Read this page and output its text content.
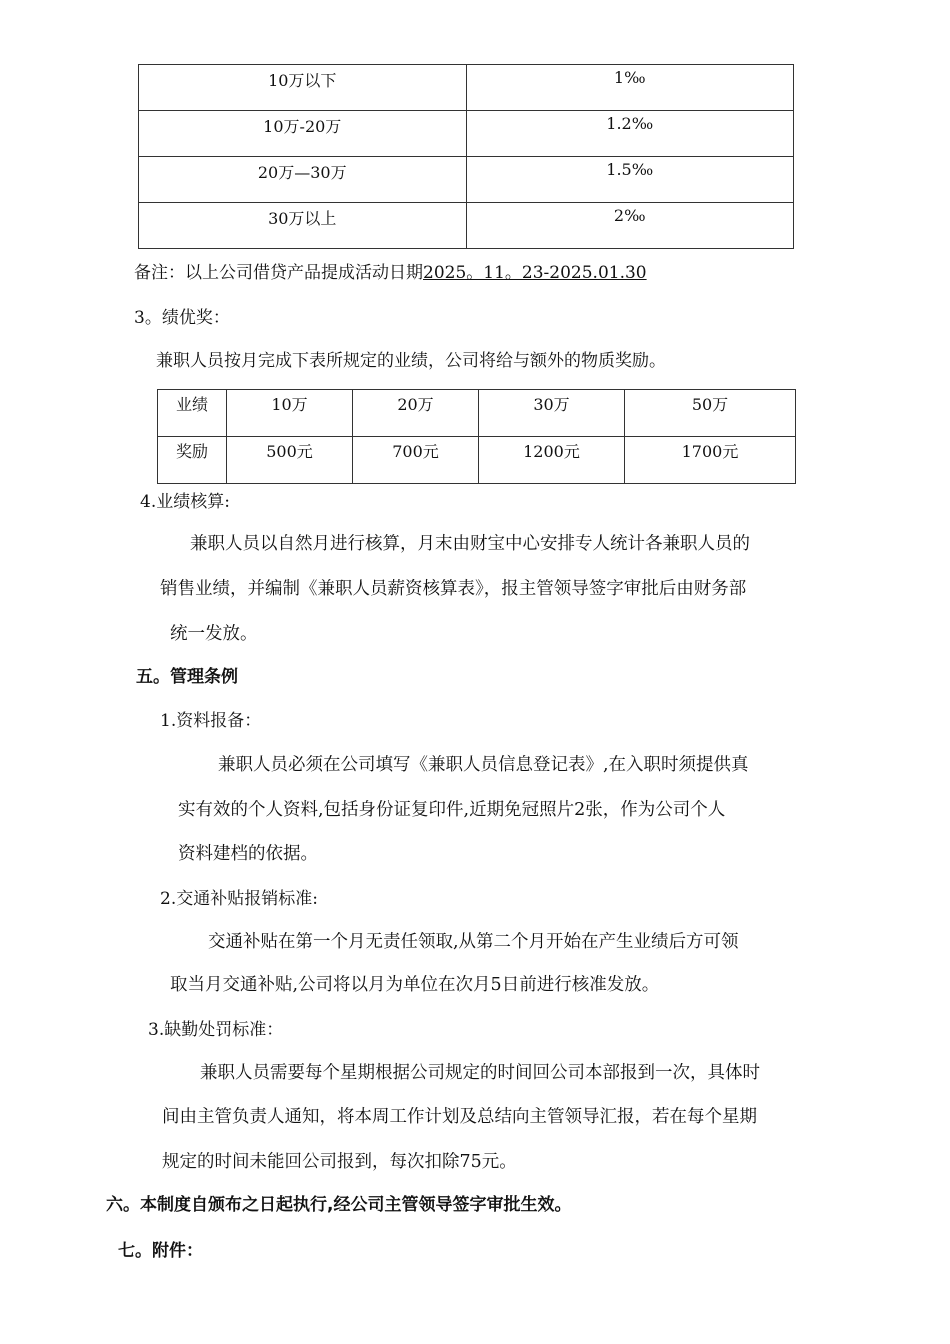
10万以下	1‰
10万-20万	1.2‰
20万—30万	1.5‰
30万以上	2‰
备注：以上公司借贷产品提成活动日期2025。11。23-2025.01.30
3。绩优奖：
兼职人员按月完成下表所规定的业绩，公司将给与额外的物质奖励。
业绩	10万	20万	30万	50万
奖励	500元	700元	1200元	1700元
4.业绩核算:
兼职人员以自然月进行核算，月末由财宝中心安排专人统计各兼职人员的
销售业绩，并编制《兼职人员薪资核算表》，报主管领导签字审批后由财务部
统一发放。
五。管理条例
1.资料报备：
兼职人员必须在公司填写《兼职人员信息登记表》,在入职时须提供真
实有效的个人资料,包括身份证复印件,近期免冠照片2张，作为公司个人
资料建档的依据。
2.交通补贴报销标准:
交通补贴在第一个月无责任领取,从第二个月开始在产生业绩后方可领
取当月交通补贴,公司将以月为单位在次月5日前进行核准发放。
3.缺勤处罚标准：
兼职人员需要每个星期根据公司规定的时间回公司本部报到一次，具体时
间由主管负责人通知，将本周工作计划及总结向主管领导汇报，若在每个星期
规定的时间未能回公司报到，每次扣除75元。
六。本制度自颁布之日起执行,经公司主管领导签字审批生效。
七。附件：
